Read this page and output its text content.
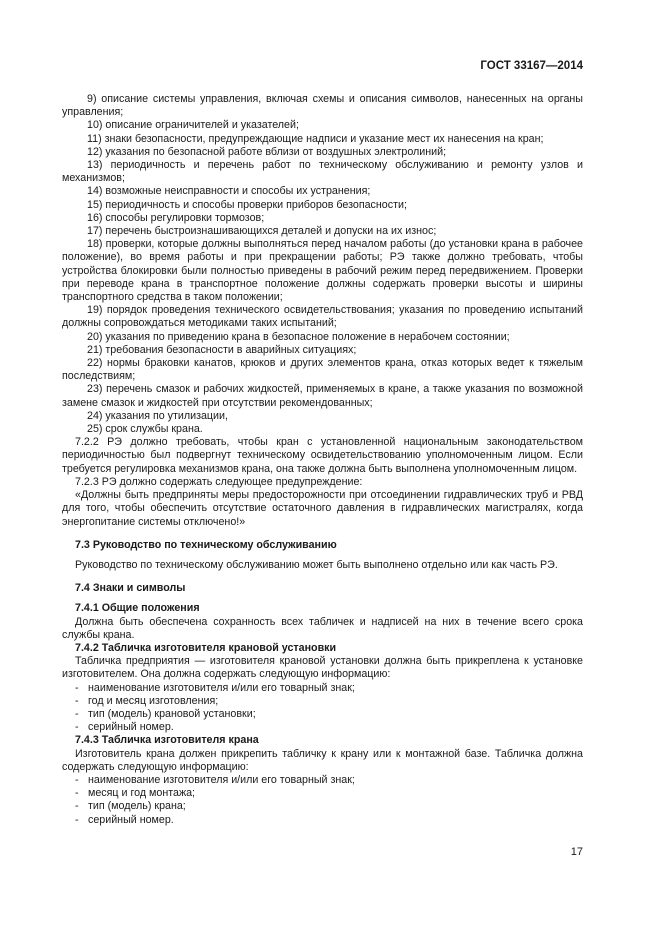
ГОСТ 33167—2014

9) описание системы управления, включая схемы и описания символов, нанесенных на органы управления;

10) описание ограничителей и указателей;

11) знаки безопасности, предупреждающие надписи и указание мест их нанесения на кран;

12) указания по безопасной работе вблизи от воздушных электролиний;

13) периодичность и перечень работ по техническому обслуживанию и ремонту узлов и механизмов;

14) возможные неисправности и способы их устранения;

15) периодичность и способы проверки приборов безопасности;

16) способы регулировки тормозов;

17) перечень быстроизнашивающихся деталей и допуски на их износ;

18) проверки, которые должны выполняться перед началом работы (до установки крана в рабочее положение), во время работы и при прекращении работы; РЭ также должно требовать, чтобы устройства блокировки были полностью приведены в рабочий режим перед передвижением. Проверки при переводе крана в транспортное положение должны содержать проверки высоты и ширины транспортного средства в таком положении;

19) порядок проведения технического освидетельствования; указания по проведению испытаний должны сопровождаться методиками таких испытаний;

20) указания по приведению крана в безопасное положение в нерабочем состоянии;

21) требования безопасности в аварийных ситуациях;

22) нормы браковки канатов, крюков и других элементов крана, отказ которых ведет к тяжелым последствиям;

23) перечень смазок и рабочих жидкостей, применяемых в кране, а также указания по возможной замене смазок и жидкостей при отсутствии рекомендованных;

24) указания по утилизации,

25) срок службы крана.

7.2.2 РЭ должно требовать, чтобы кран с установленной национальным законодательством периодичностью был подвергнут техническому освидетельствованию уполномоченным лицом. Если требуется регулировка механизмов крана, она также должна быть выполнена уполномоченным лицом.

7.2.3 РЭ должно содержать следующее предупреждение:

«Должны быть предприняты меры предосторожности при отсоединении гидравлических труб и РВД для того, чтобы обеспечить отсутствие остаточного давления в гидравлических магистралях, когда энергопитание системы отключено!»

7.3 Руководство по техническому обслуживанию

Руководство по техническому обслуживанию может быть выполнено отдельно или как часть РЭ.

7.4 Знаки и символы

7.4.1 Общие положения

Должна быть обеспечена сохранность всех табличек и надписей на них в течение всего срока службы крана.

7.4.2 Табличка изготовителя крановой установки

Табличка предприятия — изготовителя крановой установки должна быть прикреплена к установке изготовителем. Она должна содержать следующую информацию:

- наименование изготовителя и/или его товарный знак;

- год и месяц изготовления;

- тип (модель) крановой установки;

- серийный номер.

7.4.3 Табличка изготовителя крана

Изготовитель крана должен прикрепить табличку к крану или к монтажной базе. Табличка должна содержать следующую информацию:

- наименование изготовителя и/или его товарный знак;

- месяц и год монтажа;

- тип (модель) крана;

- серийный номер.

17
